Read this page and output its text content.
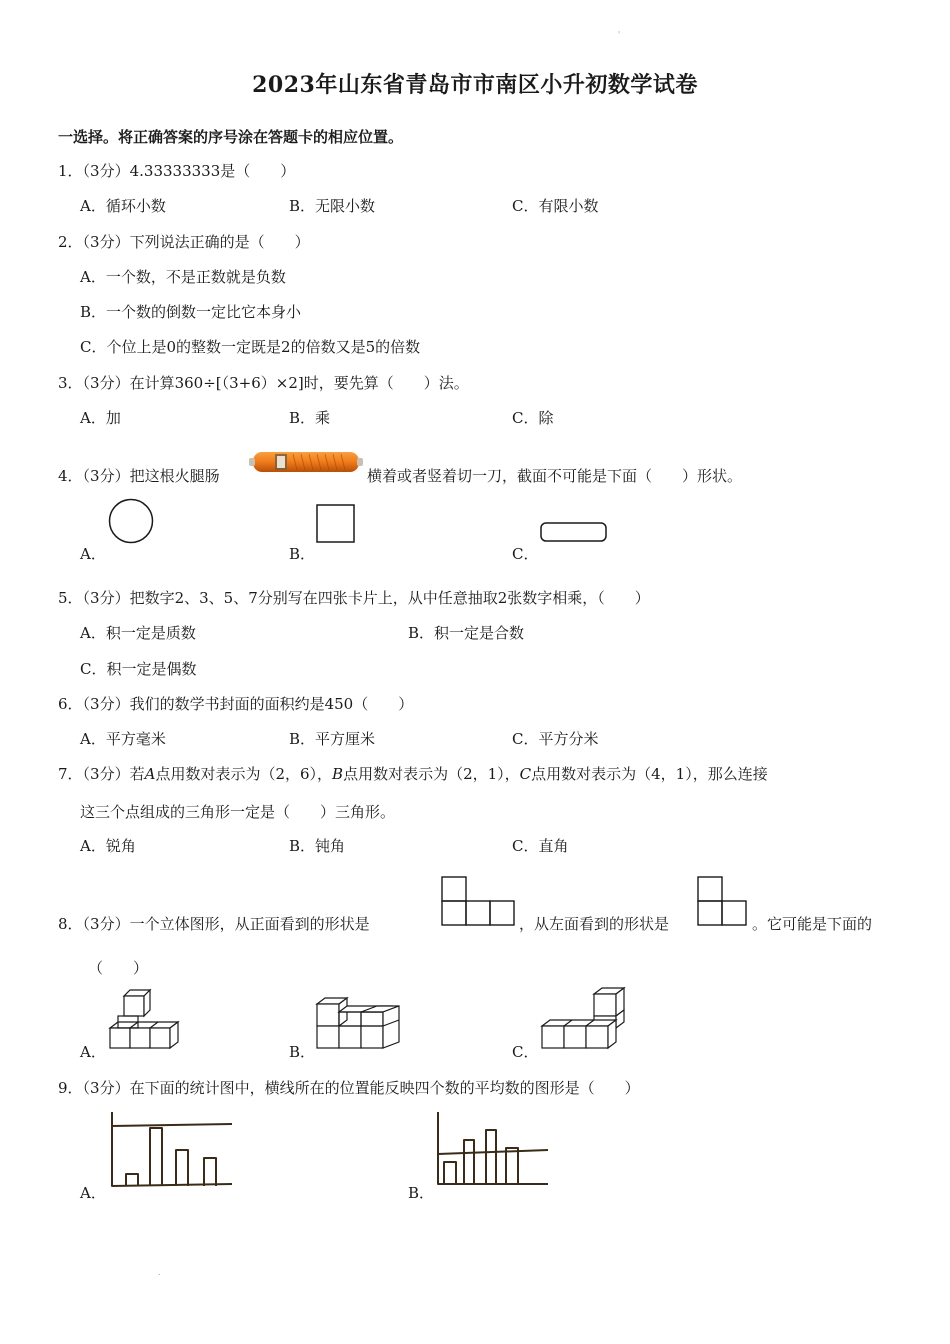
'
.
2023年山东省青岛市市南区小升初数学试卷
一选择。将正确答案的序号涂在答题卡的相应位置。
1．（3分）4.33333333是（　　）
A．循环小数	B．无限小数	C．有限小数
2．（3分）下列说法正确的是（　　）
A．一个数，不是正数就是负数
B．一个数的倒数一定比它本身小
C．个位上是0的整数一定既是2的倍数又是5的倍数
3．（3分）在计算360÷[（3+6）×2]时，要先算（　　）法。
A．加	B．乘	C．除
4．（3分）把这根火腿肠	横着或者竖着切一刀，截面不可能是下面（　　）形状。
A．	B．	C．
5．（3分）把数字2、3、5、7分别写在四张卡片上，从中任意抽取2张数字相乘，（　　）
A．积一定是质数	B．积一定是合数
C．积一定是偶数
6．（3分）我们的数学书封面的面积约是450（　　）
A．平方毫米	B．平方厘米	C．平方分米
7．（3分）若A点用数对表示为（2，6），B点用数对表示为（2，1），C点用数对表示为（4，1），那么连接
这三个点组成的三角形一定是（　　）三角形。
A．锐角	B．钝角	C．直角
8．（3分）一个立体图形，从正面看到的形状是	，从左面看到的形状是	。它可能是下面的
（　　）
A．	B．	C．
9．（3分）在下面的统计图中，横线所在的位置能反映四个数的平均数的图形是（　　）
A．	B．
